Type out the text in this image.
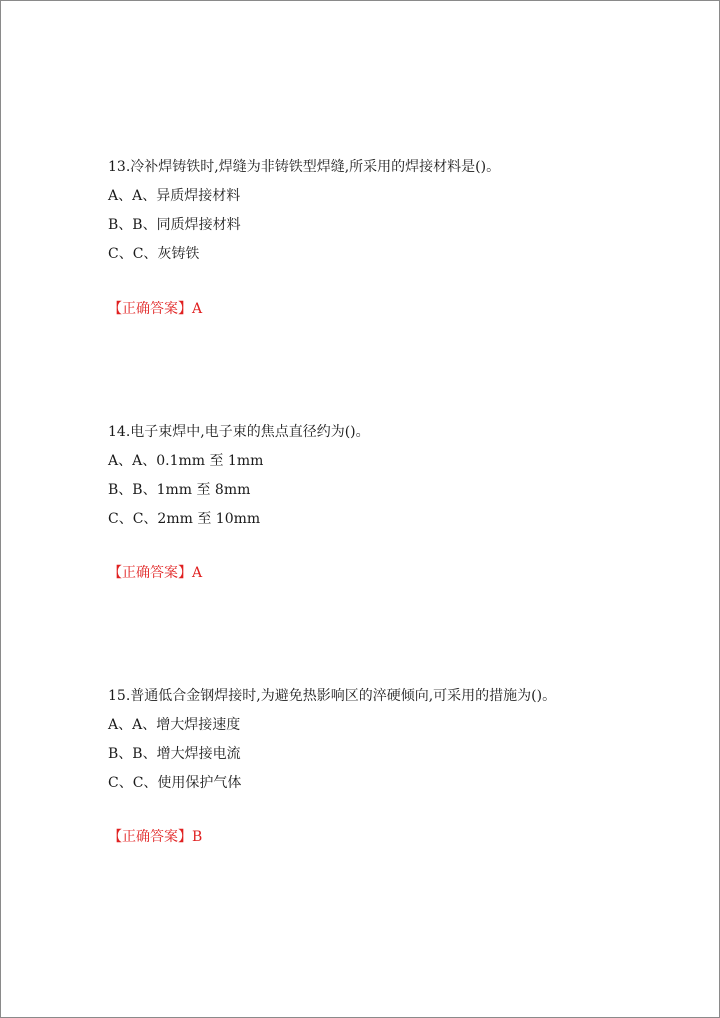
13.冷补焊铸铁时,焊缝为非铸铁型焊缝,所采用的焊接材料是()。

A、A、异质焊接材料

B、B、同质焊接材料

C、C、灰铸铁

【正确答案】A

14.电子束焊中,电子束的焦点直径约为()。

A、A、0.1mm 至 1mm

B、B、1mm 至 8mm

C、C、2mm 至 10mm

【正确答案】A

15.普通低合金钢焊接时,为避免热影响区的淬硬倾向,可采用的措施为()。

A、A、增大焊接速度

B、B、增大焊接电流

C、C、使用保护气体

【正确答案】B
